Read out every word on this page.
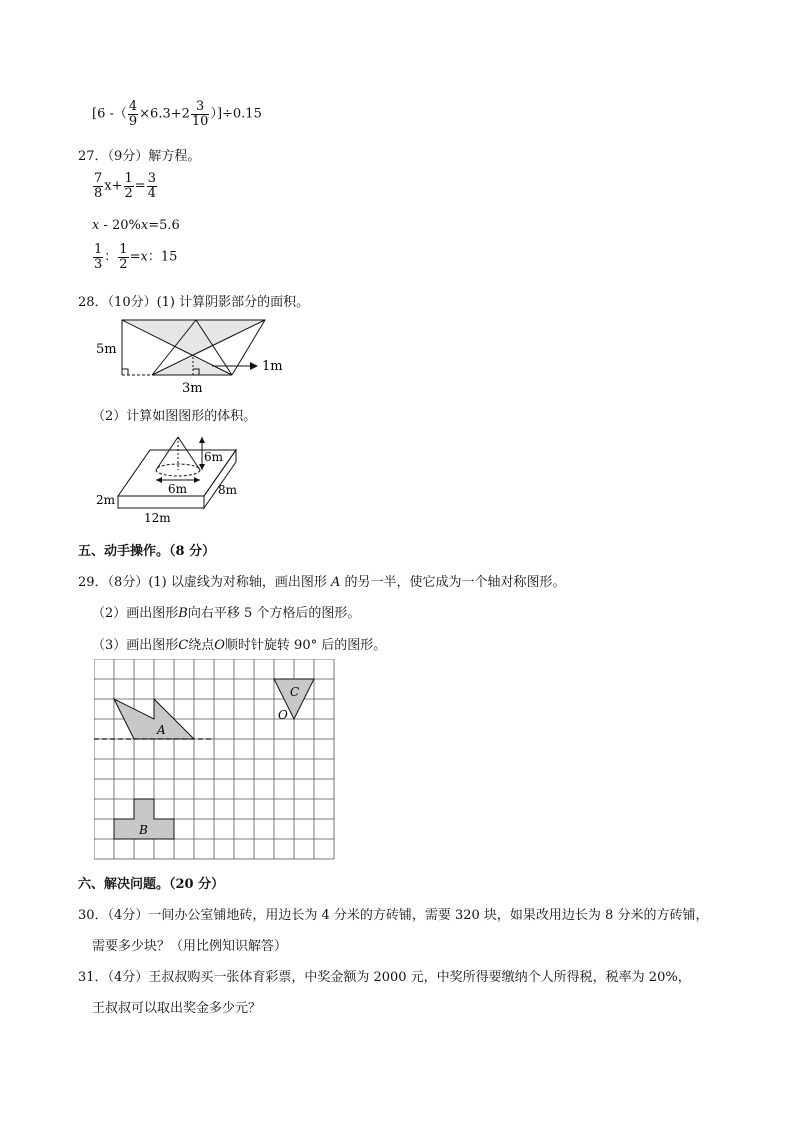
[6 -（ $\frac{4}{9} \times 6.3+2 \frac{3}{10} )]\div 0.15$
27．（9分）解方程。
$\frac{7}{8} x+ \frac{1}{2} = \frac{3}{4}$
x - 20%x=5.6
$\frac{1}{3}$ ： $\frac{1}{2} =x$：15
28．（10分）(1) 计算阴影部分的面积。
5m
3m
1m
（2）计算如图图形的体积。
6m
6m
2m
8m
12m
五、动手操作。（8 分）
29．（8分）(1) 以虚线为对称轴，画出图形 A 的另一半，使它成为一个轴对称图形。
（2）画出图形B向右平移 5 个方格后的图形。
（3）画出图形C绕点O顺时针旋转 90° 后的图形。
A
B
C
O
六、解决问题。（20 分）
30．（4分）一间办公室铺地砖，用边长为 4 分米的方砖铺，需要 320 块，如果改用边长为 8 分米的方砖铺，
需要多少块？（用比例知识解答）
31．（4分）王叔叔购买一张体育彩票，中奖金额为 2000 元，中奖所得要缴纳个人所得税，税率为 20%，
王叔叔可以取出奖金多少元？
